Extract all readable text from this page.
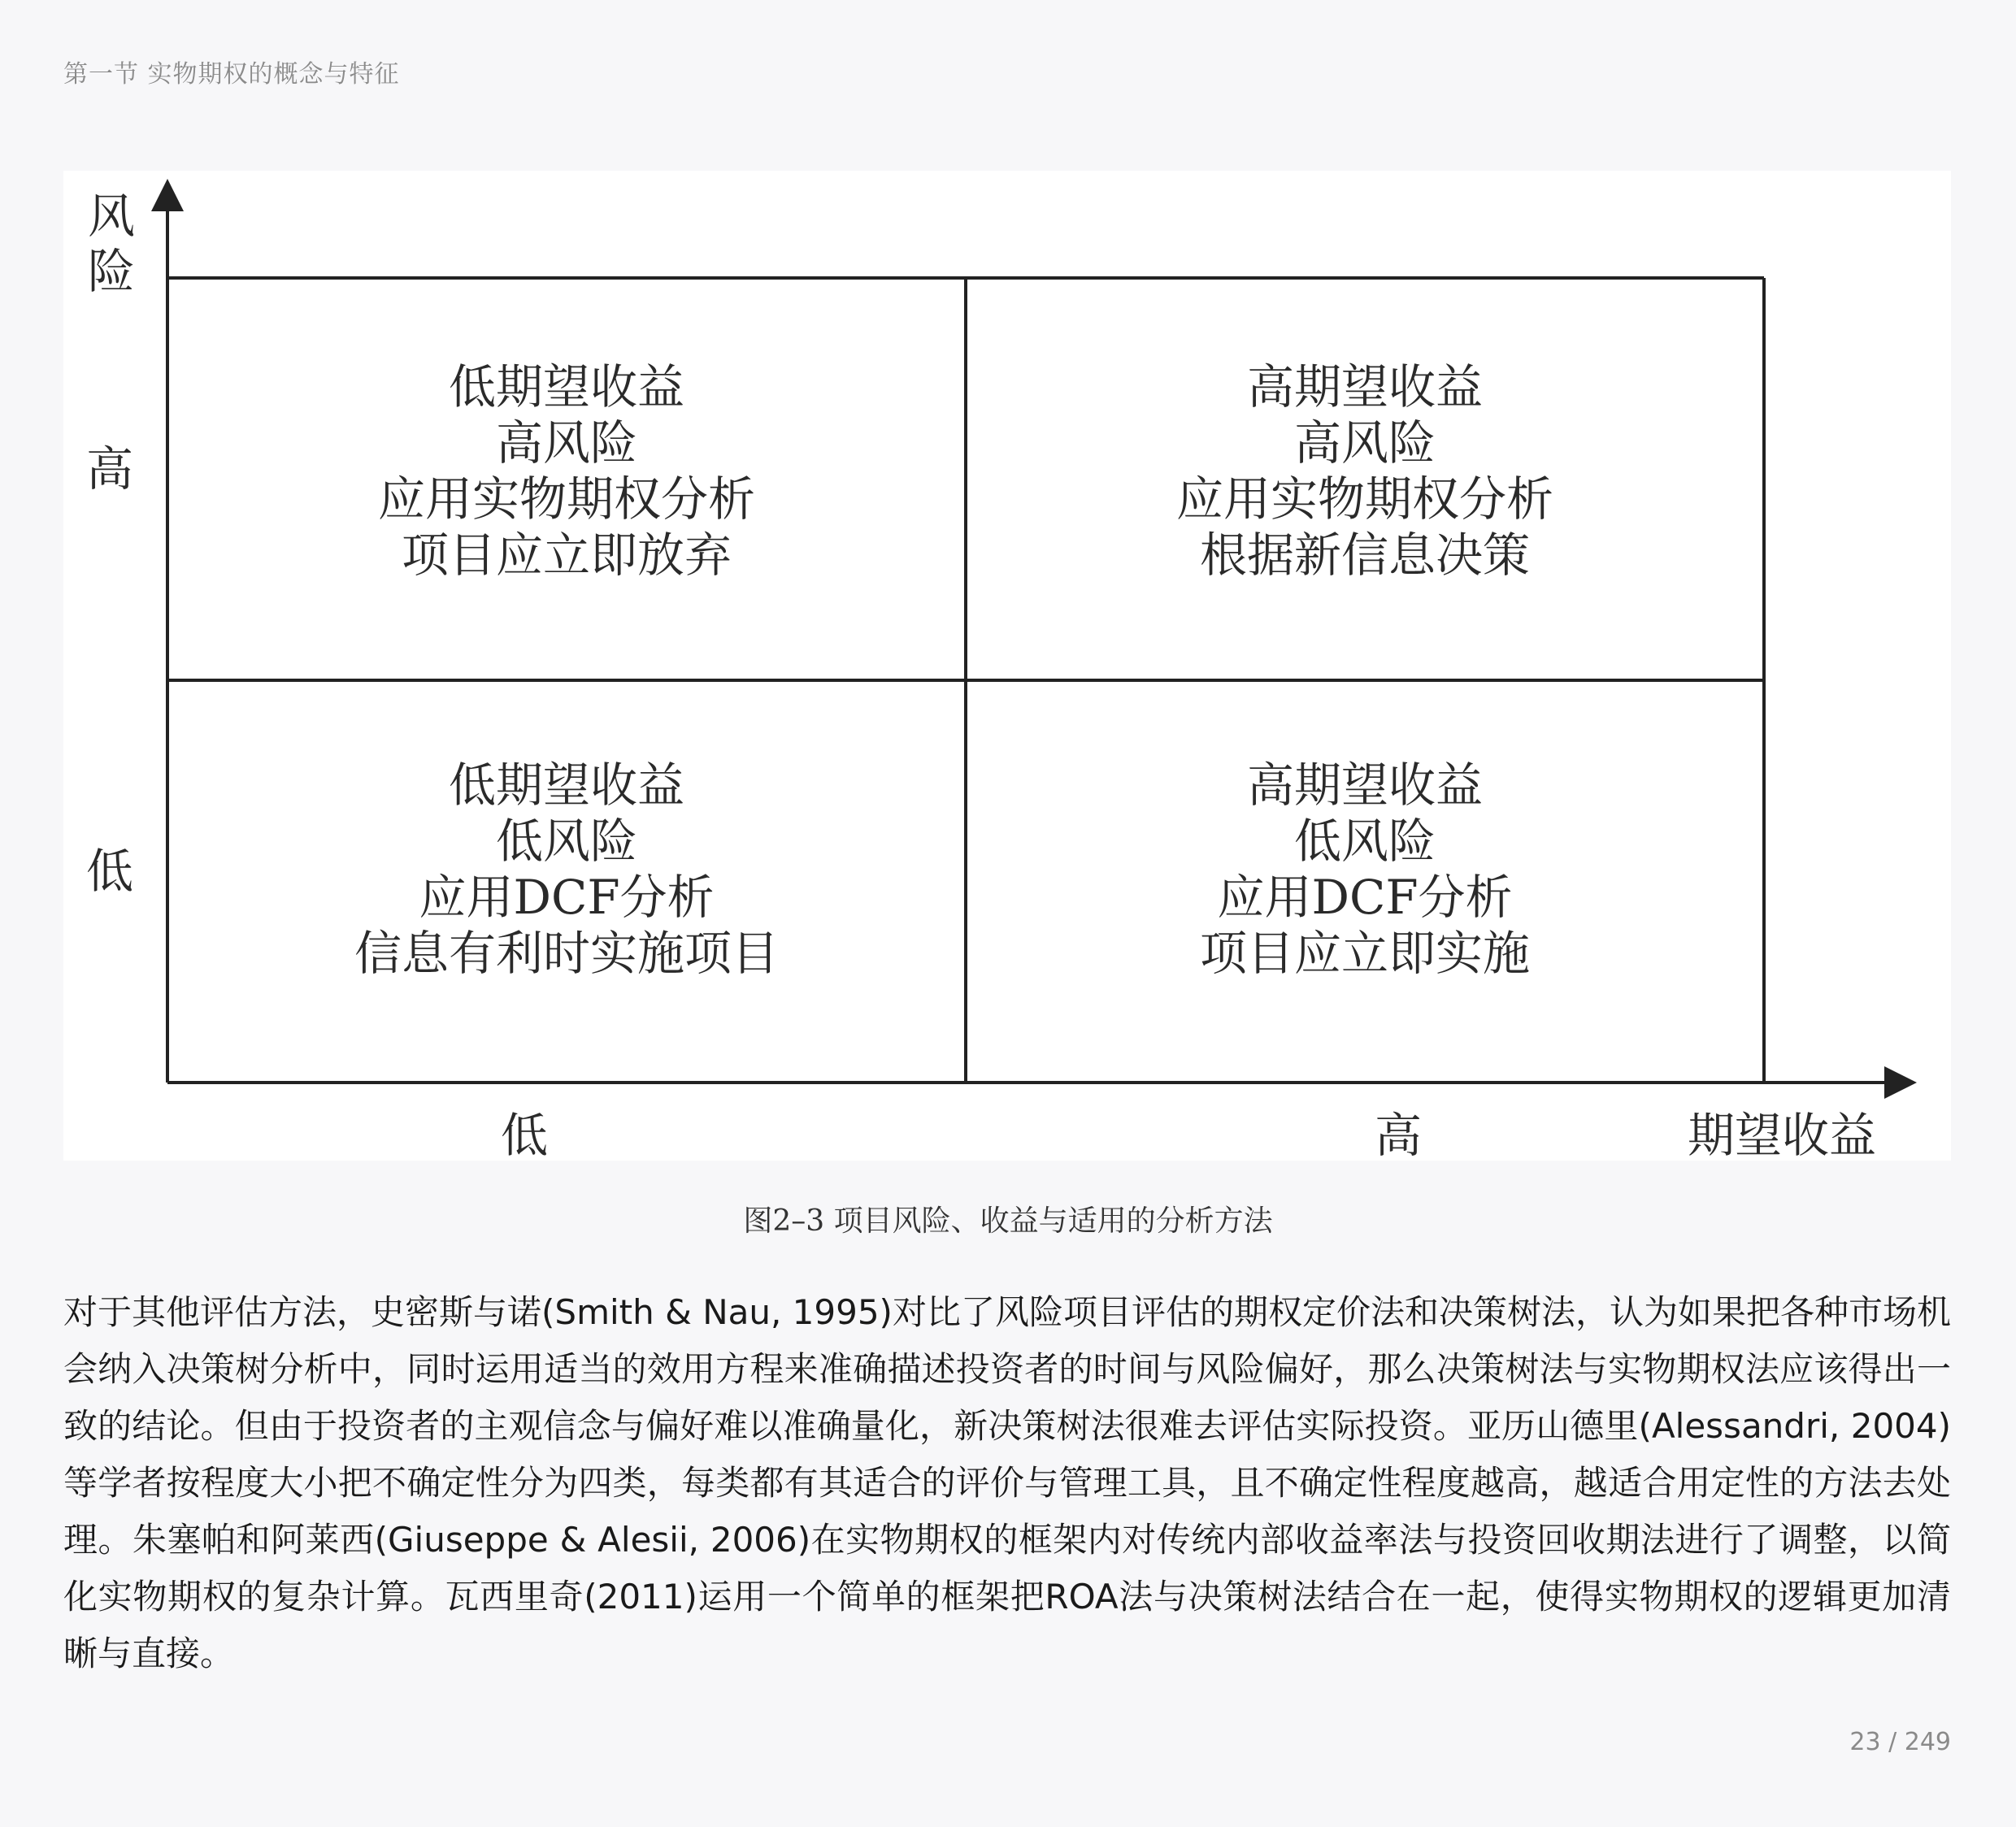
第一节 实物期权的概念与特征
风
险
高
低
低	高	期望收益
低期望收益
高风险
应用实物期权分析
项目应立即放弃
高期望收益
高风险
应用实物期权分析
根据新信息决策
低期望收益
低风险
应用DCF分析
信息有利时实施项目
高期望收益
低风险
应用DCF分析
项目应立即实施
图2–3 项目风险、收益与适用的分析方法
对于其他评估方法，史密斯与诺(Smith & Nau, 1995)对比了风险项目评估的期权定价法和决策树法，认为如果把各种市场机会纳入决策树分析中，同时运用适当的效用方程来准确描述投资者的时间与风险偏好，那么决策树法与实物期权法应该得出一致的结论。但由于投资者的主观信念与偏好难以准确量化，新决策树法很难去评估实际投资。亚历山德里(Alessandri, 2004)等学者按程度大小把不确定性分为四类，每类都有其适合的评价与管理工具，且不确定性程度越高，越适合用定性的方法去处理。朱塞帕和阿莱西(Giuseppe & Alesii, 2006)在实物期权的框架内对传统内部收益率法与投资回收期法进行了调整，以简化实物期权的复杂计算。瓦西里奇(2011)运用一个简单的框架把ROA法与决策树法结合在一起，使得实物期权的逻辑更加清晰与直接。
23 / 249
